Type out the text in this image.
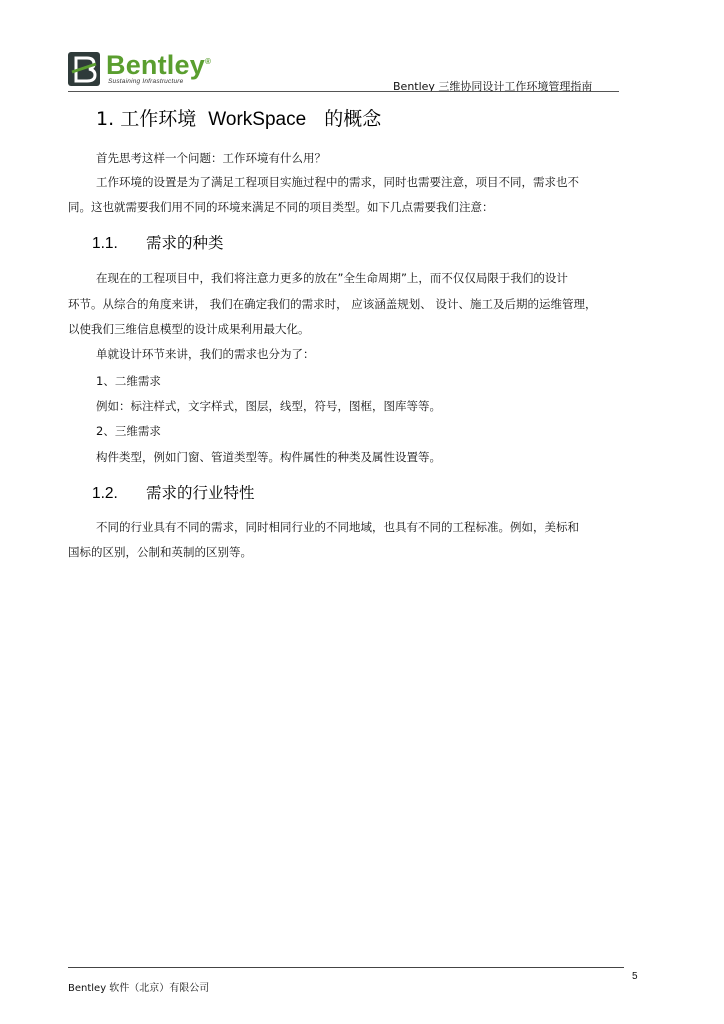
Bentley®
Sustaining Infrastructure	Bentley 三维协同设计工作环境管理指南
1. 工作环境 WorkSpace 的概念
首先思考这样一个问题：工作环境有什么用？
工作环境的设置是为了满足工程项目实施过程中的需求，同时也需要注意，项目不同，需求也不
同。这也就需要我们用不同的环境来满足不同的项目类型。如下几点需要我们注意：
1.1. 需求的种类
在现在的工程项目中，我们将注意力更多的放在”全生命周期”上，而不仅仅局限于我们的设计
环节。从综合的角度来讲， 我们在确定我们的需求时， 应该涵盖规划、 设计、施工及后期的运维管理，
以使我们三维信息模型的设计成果利用最大化。
单就设计环节来讲，我们的需求也分为了：
1、二维需求
例如：标注样式，文字样式，图层，线型，符号，图框，图库等等。
2、三维需求
构件类型，例如门窗、管道类型等。构件属性的种类及属性设置等。
1.2. 需求的行业特性
不同的行业具有不同的需求，同时相同行业的不同地域，也具有不同的工程标准。例如，美标和
国标的区别，公制和英制的区别等。
5
Bentley 软件（北京）有限公司
